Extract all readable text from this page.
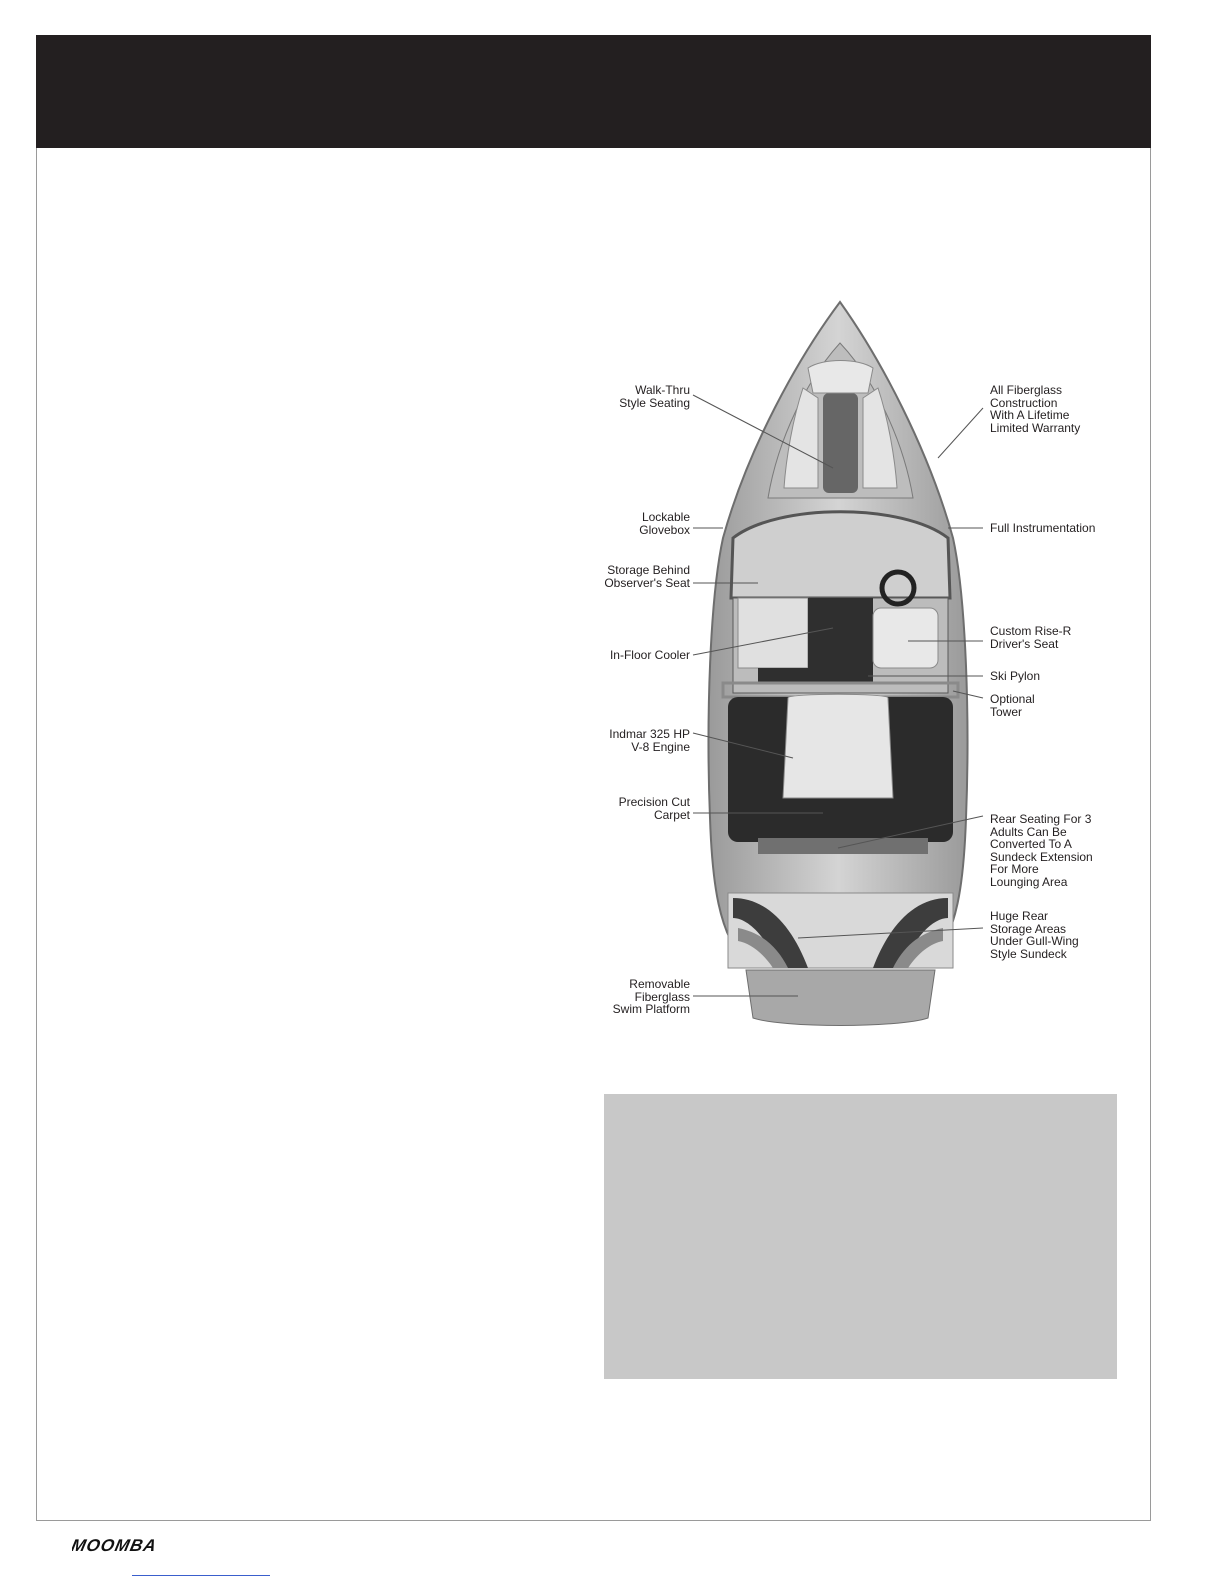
Walk-Thru
Style Seating
Lockable
Glovebox
Storage Behind
Observer's Seat
In-Floor Cooler
Indmar 325 HP
V-8 Engine
Precision Cut
Carpet
Removable
Fiberglass
Swim Platform
All Fiberglass
Construction
With A Lifetime
Limited Warranty
Full Instrumentation
Custom Rise-R
Driver's Seat
Ski Pylon
Optional
Tower
Rear Seating For 3
Adults Can Be
Converted To A
Sundeck Extension
For More
Lounging Area
Huge Rear
Storage Areas
Under Gull-Wing
Style Sundeck
MOOMBA
